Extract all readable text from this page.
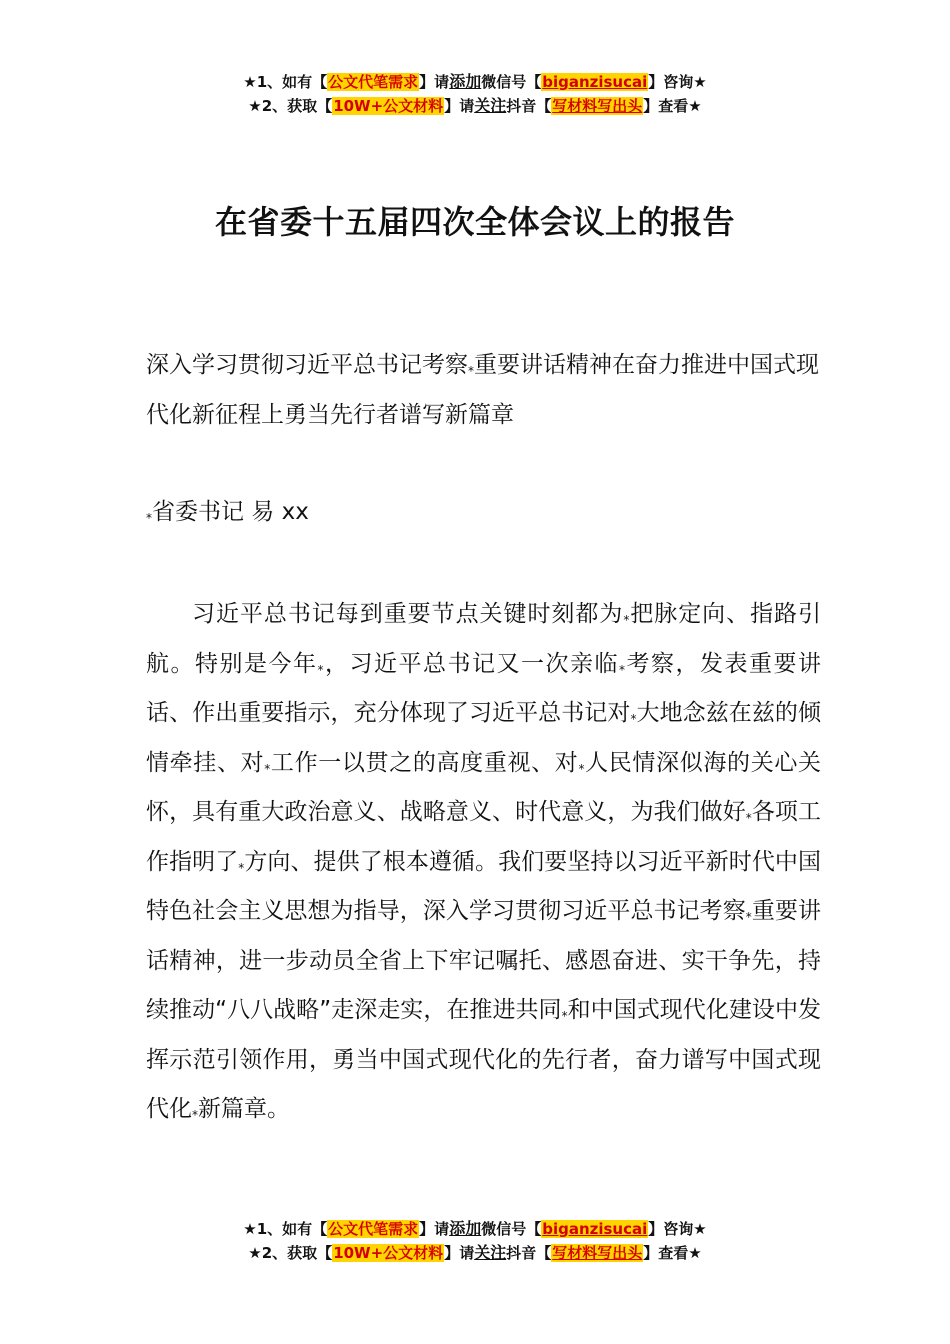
★1、如有【公文代笔需求】请添加微信号【biganzisucai】咨询★
★2、获取【10W+公文材料】请关注抖音【写材料写出头】查看★
在省委十五届四次全体会议上的报告
深入学习贯彻习近平总书记考察*重要讲话精神在奋力推进中国式现代化新征程上勇当先行者谱写新篇章
*省委书记 易 xx
习近平总书记每到重要节点关键时刻都为*把脉定向、指路引航。特别是今年*，习近平总书记又一次亲临*考察，发表重要讲话、作出重要指示，充分体现了习近平总书记对*大地念兹在兹的倾情牵挂、对*工作一以贯之的高度重视、对*人民情深似海的关心关怀，具有重大政治意义、战略意义、时代意义，为我们做好*各项工作指明了*方向、提供了根本遵循。我们要坚持以习近平新时代中国特色社会主义思想为指导，深入学习贯彻习近平总书记考察*重要讲话精神，进一步动员全省上下牢记嘱托、感恩奋进、实干争先，持续推动“八八战略”走深走实，在推进共同*和中国式现代化建设中发挥示范引领作用，勇当中国式现代化的先行者，奋力谱写中国式现代化*新篇章。
★1、如有【公文代笔需求】请添加微信号【biganzisucai】咨询★
★2、获取【10W+公文材料】请关注抖音【写材料写出头】查看★
